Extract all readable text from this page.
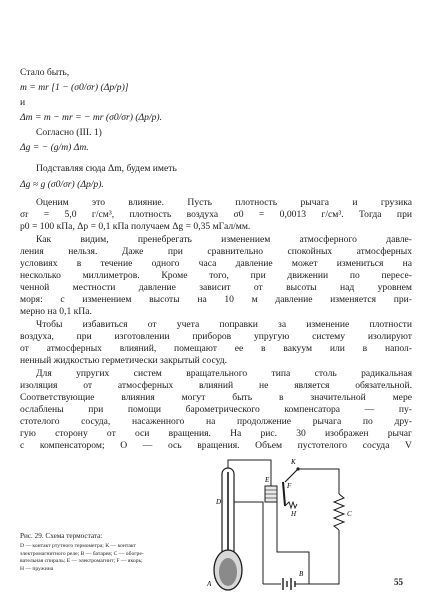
Стало быть,
m = mr [1 − (σ0/σr) (Δp/p)]
и
Δm = m − mr = − mr (σ0/σr) (Δp/p).
Согласно (III. 1)
Δg = − (g/m) Δm.
Подставляя сюда Δm, будем иметь
Δg ≈ g (σ0/σr) (Δp/p).
Оценим это влияние. Пусть плотность рычага и грузика
σr = 5,0 г/см³, плотность воздуха σ0 = 0,0013 г/см³. Тогда при
p0 = 100 кПа, Δp = 0,1 кПа получаем Δg = 0,35 мГал/мм.
Как видим, пренебрегать изменением атмосферного давле-
ления нельзя. Даже при сравнительно спокойных атмосферных
условиях в течение одного часа давление может измениться на
несколько миллиметров. Кроме того, при движении по пересе-
ченной местности давление зависит от высоты над уровнем
моря: с изменением высоты на 10 м давление изменяется при-
мерно на 0,1 кПа.
Чтобы избавиться от учета поправки за изменение плотности
воздуха, при изготовлении приборов упругую систему изолируют
от атмосферных влияний, помещают ее в вакуум или в напол-
ненный жидкостью герметически закрытый сосуд.
Для упругих систем вращательного типа столь радикальная
изоляция от атмосферных влияний не является обязательной.
Соответствующие влияния могут быть в значительной мере
ослаблены при помощи барометрического компенсатора — пу-
стотелого сосуда, насаженного на продолжение рычага по дру-
гую сторону от оси вращения. На рис. 30 изображен рычаг
с компенсатором; O — ось вращения. Объем пустотелого сосуда V
Рис. 29. Схема термостата:
D — контакт ртутного термометра; K — контакт
электромагнитного реле; B — батарея; C — обогре-
вательная спираль; E — электромагнит; F — якорь;
H — пружина
D
A
E
F
K
H	C
B
55
